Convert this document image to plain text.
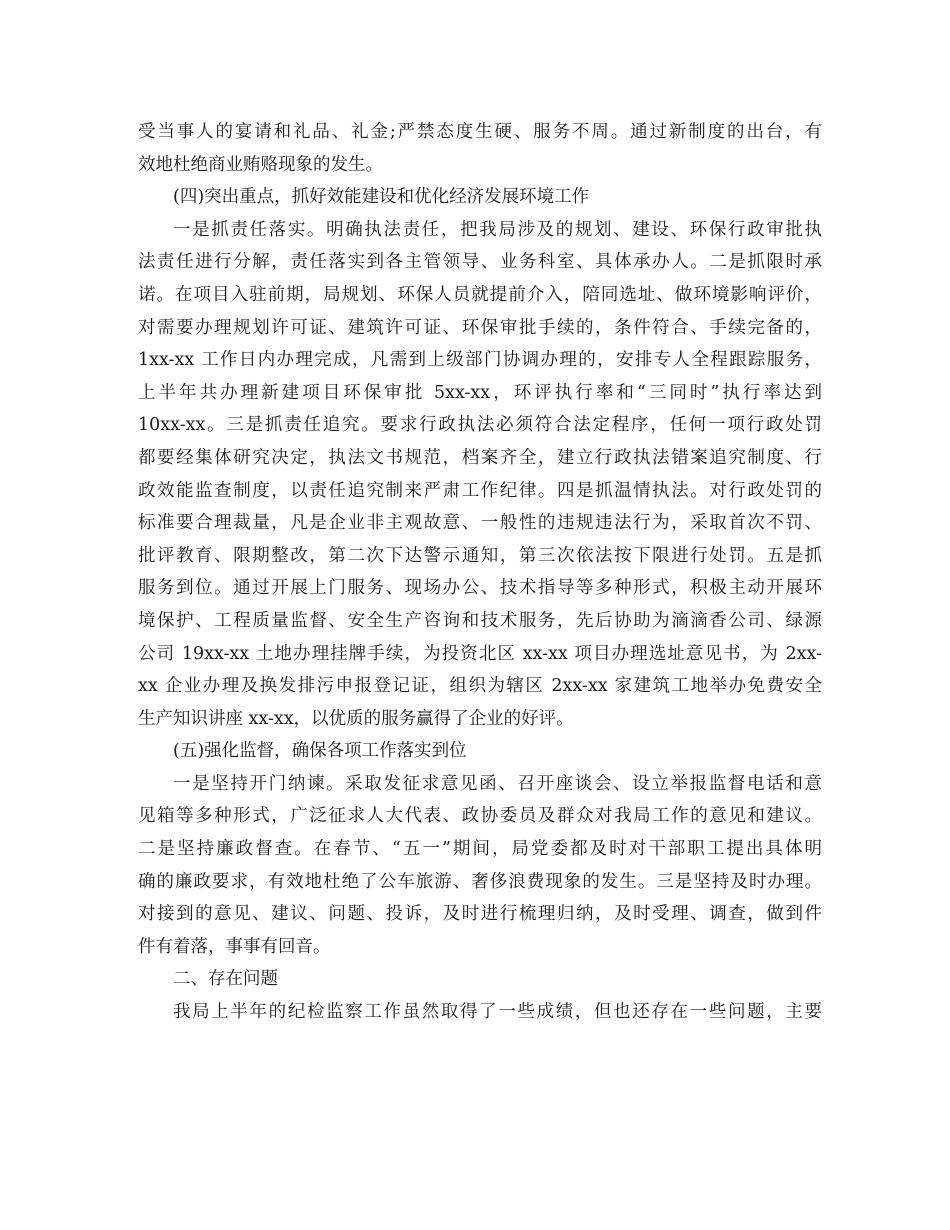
受当事人的宴请和礼品、礼金;严禁态度生硬、服务不周。通过新制度的出台，有
效地杜绝商业贿赂现象的发生。
(四)突出重点，抓好效能建设和优化经济发展环境工作
一是抓责任落实。明确执法责任，把我局涉及的规划、建设、环保行政审批执
法责任进行分解，责任落实到各主管领导、业务科室、具体承办人。二是抓限时承
诺。在项目入驻前期，局规划、环保人员就提前介入，陪同选址、做环境影响评价，
对需要办理规划许可证、建筑许可证、环保审批手续的，条件符合、手续完备的，
1xx-xx 工作日内办理完成，凡需到上级部门协调办理的，安排专人全程跟踪服务，
上半年共办理新建项目环保审批 5xx-xx，环评执行率和“三同时”执行率达到
10xx-xx。三是抓责任追究。要求行政执法必须符合法定程序，任何一项行政处罚
都要经集体研究决定，执法文书规范，档案齐全，建立行政执法错案追究制度、行
政效能监查制度，以责任追究制来严肃工作纪律。四是抓温情执法。对行政处罚的
标准要合理裁量，凡是企业非主观故意、一般性的违规违法行为，采取首次不罚、
批评教育、限期整改，第二次下达警示通知，第三次依法按下限进行处罚。五是抓
服务到位。通过开展上门服务、现场办公、技术指导等多种形式，积极主动开展环
境保护、工程质量监督、安全生产咨询和技术服务，先后协助为滴滴香公司、绿源
公司 19xx-xx 土地办理挂牌手续，为投资北区 xx-xx 项目办理选址意见书，为 2xx-
xx 企业办理及换发排污申报登记证，组织为辖区 2xx-xx 家建筑工地举办免费安全
生产知识讲座 xx-xx，以优质的服务赢得了企业的好评。
(五)强化监督，确保各项工作落实到位
一是坚持开门纳谏。采取发征求意见函、召开座谈会、设立举报监督电话和意
见箱等多种形式，广泛征求人大代表、政协委员及群众对我局工作的意见和建议。
二是坚持廉政督查。在春节、“五一”期间，局党委都及时对干部职工提出具体明
确的廉政要求，有效地杜绝了公车旅游、奢侈浪费现象的发生。三是坚持及时办理。
对接到的意见、建议、问题、投诉，及时进行梳理归纳，及时受理、调查，做到件
件有着落，事事有回音。
二、存在问题
我局上半年的纪检监察工作虽然取得了一些成绩，但也还存在一些问题，主要
